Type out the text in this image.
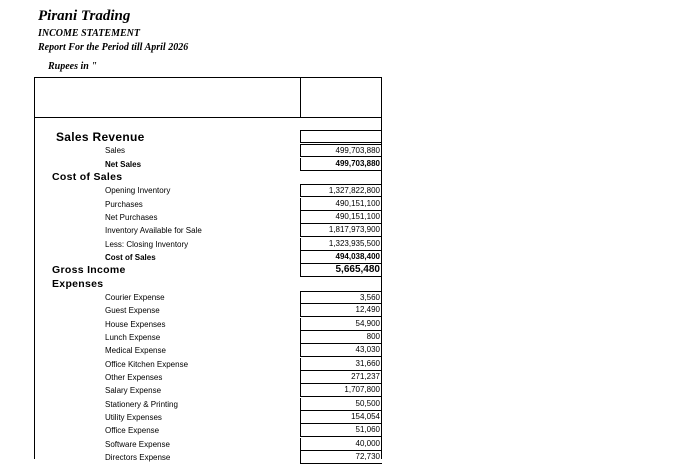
Pirani Trading
INCOME STATEMENT
Report For the Period till April 2026
Rupees in "
Sales Revenue
Sales	499,703,880
Net Sales	499,703,880
Cost of Sales
Opening Inventory	1,327,822,800
Purchases	490,151,100
Net Purchases	490,151,100
Inventory Available for Sale	1,817,973,900
Less: Closing Inventory	1,323,935,500
Cost of Sales	494,038,400
Gross Income	5,665,480
Expenses
Courier Expense	3,560
Guest Expense	12,490
House Expenses	54,900
Lunch Expense	800
Medical Expense	43,030
Office Kitchen Expense	31,660
Other Expenses	271,237
Salary Expense	1,707,800
Stationery & Printing	50,500
Utility Expenses	154,054
Office Expense	51,060
Software Expense	40,000
Directors Expense	72,730
